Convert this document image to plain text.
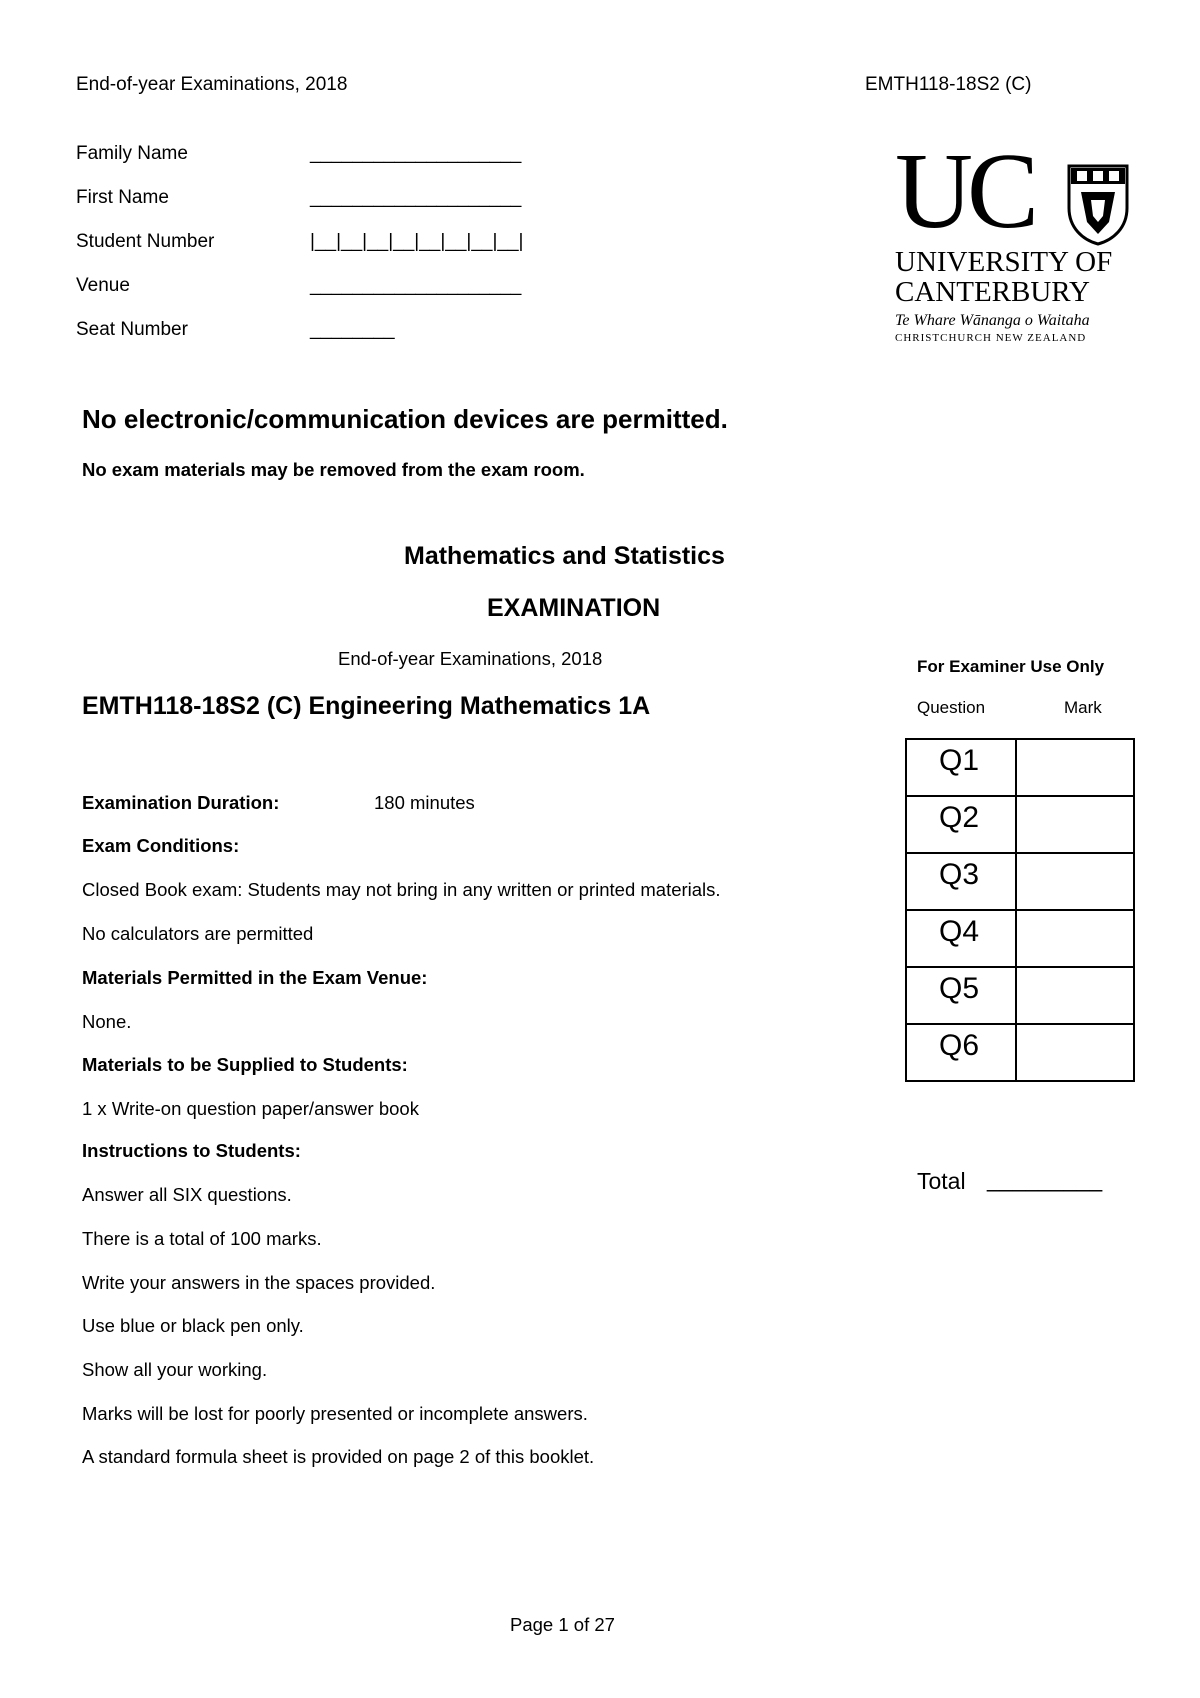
End-of-year Examinations, 2018	EMTH118-18S2 (C)
Family Name	____________________
First Name	____________________
Student Number	|__|__|__|__|__|__|__|__|
Venue	____________________
Seat Number	________
UC
UNIVERSITY OF
CANTERBURY
Te Whare Wānanga o Waitaha
CHRISTCHURCH NEW ZEALAND
No electronic/communication devices are permitted.
No exam materials may be removed from the exam room.
Mathematics and Statistics
EXAMINATION
End-of-year Examinations, 2018
EMTH118-18S2 (C) Engineering Mathematics 1A
Examination Duration:	180 minutes
Exam Conditions:
Closed Book exam: Students may not bring in any written or printed materials.
No calculators are permitted
Materials Permitted in the Exam Venue:
None.
Materials to be Supplied to Students:
1 x Write-on question paper/answer book
Instructions to Students:
Answer all SIX questions.
There is a total of 100 marks.
Write your answers in the spaces provided.
Use blue or black pen only.
Show all your working.
Marks will be lost for poorly presented or incomplete answers.
A standard formula sheet is provided on page 2 of this booklet.
For Examiner Use Only
Question	Mark
Q1	
Q2	
Q3	
Q4	
Q5	
Q6	
Total _________
Page 1 of 27
